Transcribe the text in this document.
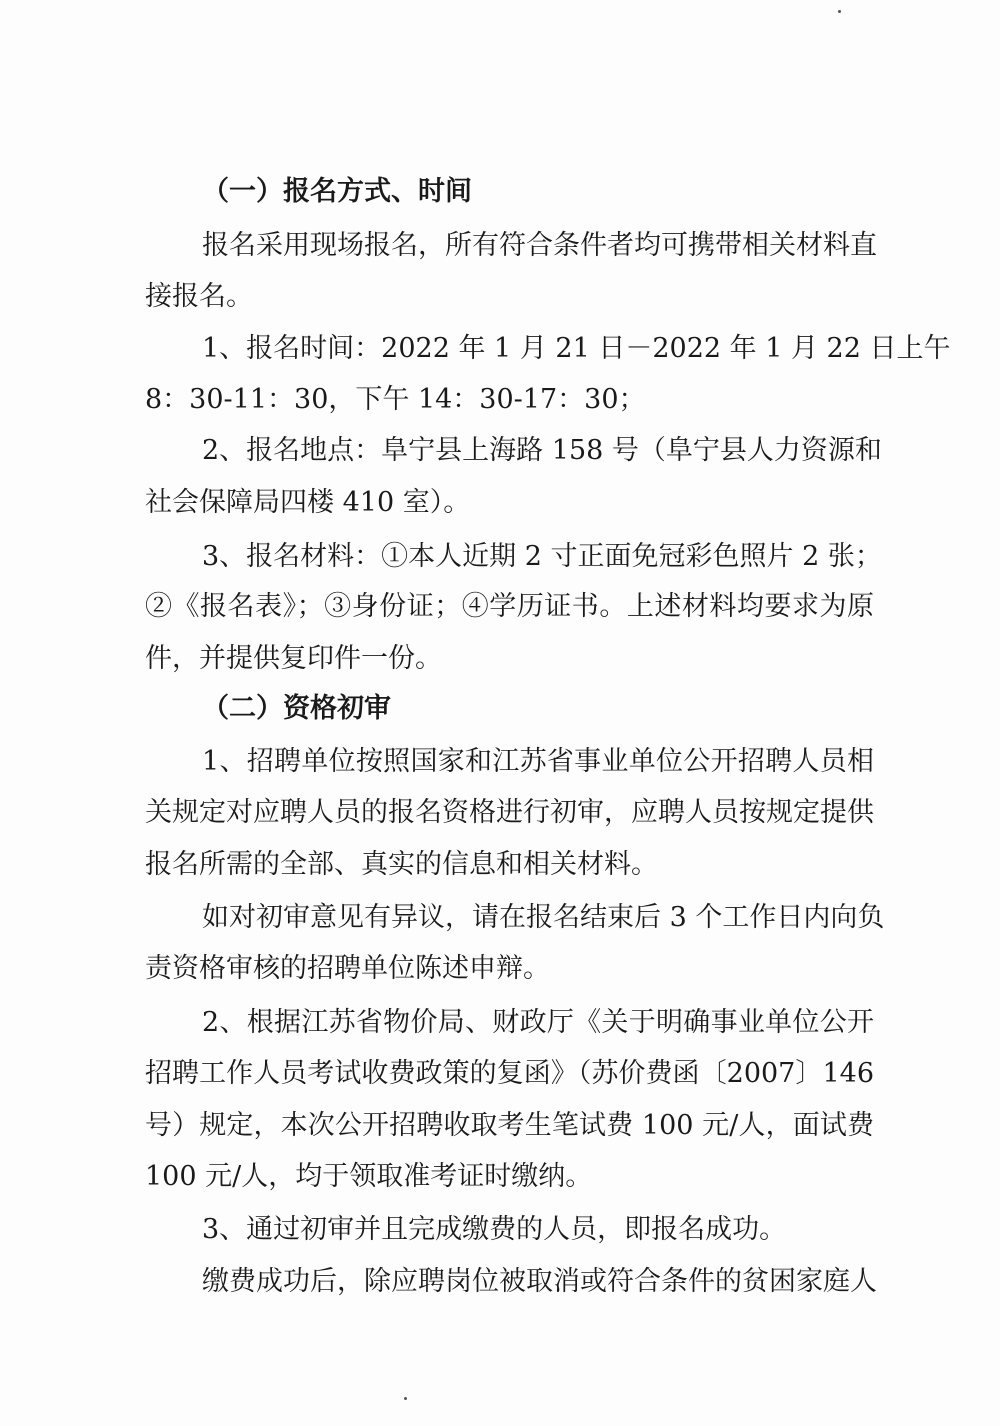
（一）报名方式、时间
报名采用现场报名，所有符合条件者均可携带相关材料直
接报名。
1、报名时间：2022 年 1 月 21 日－2022 年 1 月 22 日上午
8：30-11：30，下午 14：30-17：30；
2、报名地点：阜宁县上海路 158 号（阜宁县人力资源和
社会保障局四楼 410 室）。
3、报名材料：①本人近期 2 寸正面免冠彩色照片 2 张；
②《报名表》；③身份证；④学历证书。上述材料均要求为原
件，并提供复印件一份。
（二）资格初审
1、招聘单位按照国家和江苏省事业单位公开招聘人员相
关规定对应聘人员的报名资格进行初审，应聘人员按规定提供
报名所需的全部、真实的信息和相关材料。
如对初审意见有异议，请在报名结束后 3 个工作日内向负
责资格审核的招聘单位陈述申辩。
2、根据江苏省物价局、财政厅《关于明确事业单位公开
招聘工作人员考试收费政策的复函》（苏价费函〔2007〕146
号）规定，本次公开招聘收取考生笔试费 100 元/人，面试费
100 元/人，均于领取准考证时缴纳。
3、通过初审并且完成缴费的人员，即报名成功。
缴费成功后，除应聘岗位被取消或符合条件的贫困家庭人
